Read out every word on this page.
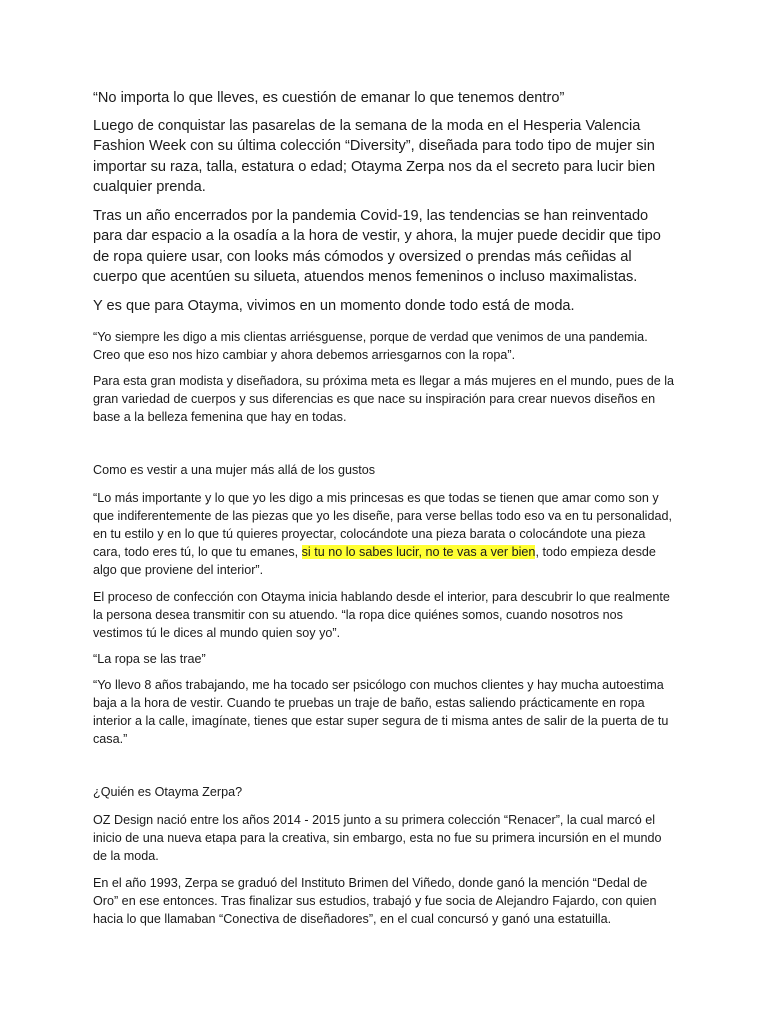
“No importa lo que lleves, es cuestión de emanar lo que tenemos dentro”

Luego de conquistar las pasarelas de la semana de la moda en el Hesperia Valencia Fashion Week con su última colección “Diversity”, diseñada para todo tipo de mujer sin importar su raza, talla, estatura o edad; Otayma Zerpa nos da el secreto para lucir bien cualquier prenda.

Tras un año encerrados por la pandemia Covid-19, las tendencias se han reinventado para dar espacio a la osadía a la hora de vestir, y ahora, la mujer puede decidir que tipo de ropa quiere usar, con looks más cómodos y oversized o prendas más ceñidas al cuerpo que acentúen su silueta, atuendos menos femeninos o incluso maximalistas.

Y es que para Otayma, vivimos en un momento donde todo está de moda.

“Yo siempre les digo a mis clientas arriésguense, porque de verdad que venimos de una pandemia. Creo que eso nos hizo cambiar y ahora debemos arriesgarnos con la ropa”.

Para esta gran modista y diseñadora, su próxima meta es llegar a más mujeres en el mundo, pues de la gran variedad de cuerpos y sus diferencias es que nace su inspiración para crear nuevos diseños en base a la belleza femenina que hay en todas.

Como es vestir a una mujer más allá de los gustos

“Lo más importante y lo que yo les digo a mis princesas es que todas se tienen que amar como son y que indiferentemente de las piezas que yo les diseñe, para verse bellas todo eso va en tu personalidad, en tu estilo y en lo que tú quieres proyectar, colocándote una pieza barata o colocándote una pieza cara, todo eres tú, lo que tu emanes, si tu no lo sabes lucir, no te vas a ver bien, todo empieza desde algo que proviene del interior”.

El proceso de confección con Otayma inicia hablando desde el interior, para descubrir lo que realmente la persona desea transmitir con su atuendo. “la ropa dice quiénes somos, cuando nosotros nos vestimos tú le dices al mundo quien soy yo”.

“La ropa se las trae”

“Yo llevo 8 años trabajando, me ha tocado ser psicólogo con muchos clientes y hay mucha autoestima baja a la hora de vestir. Cuando te pruebas un traje de baño, estas saliendo prácticamente en ropa interior a la calle, imagínate, tienes que estar super segura de ti misma antes de salir de la puerta de tu casa.”

¿Quién es Otayma Zerpa?

OZ Design nació entre los años 2014 - 2015 junto a su primera colección “Renacer”, la cual marcó el inicio de una nueva etapa para la creativa, sin embargo, esta no fue su primera incursión en el mundo de la moda.

En el año 1993, Zerpa se graduó del Instituto Brimen del Viñedo, donde ganó la mención “Dedal de Oro” en ese entonces. Tras finalizar sus estudios, trabajó y fue socia de Alejandro Fajardo, con quien hacia lo que llamaban “Conectiva de diseñadores”, en el cual concursó y ganó una estatuilla.
